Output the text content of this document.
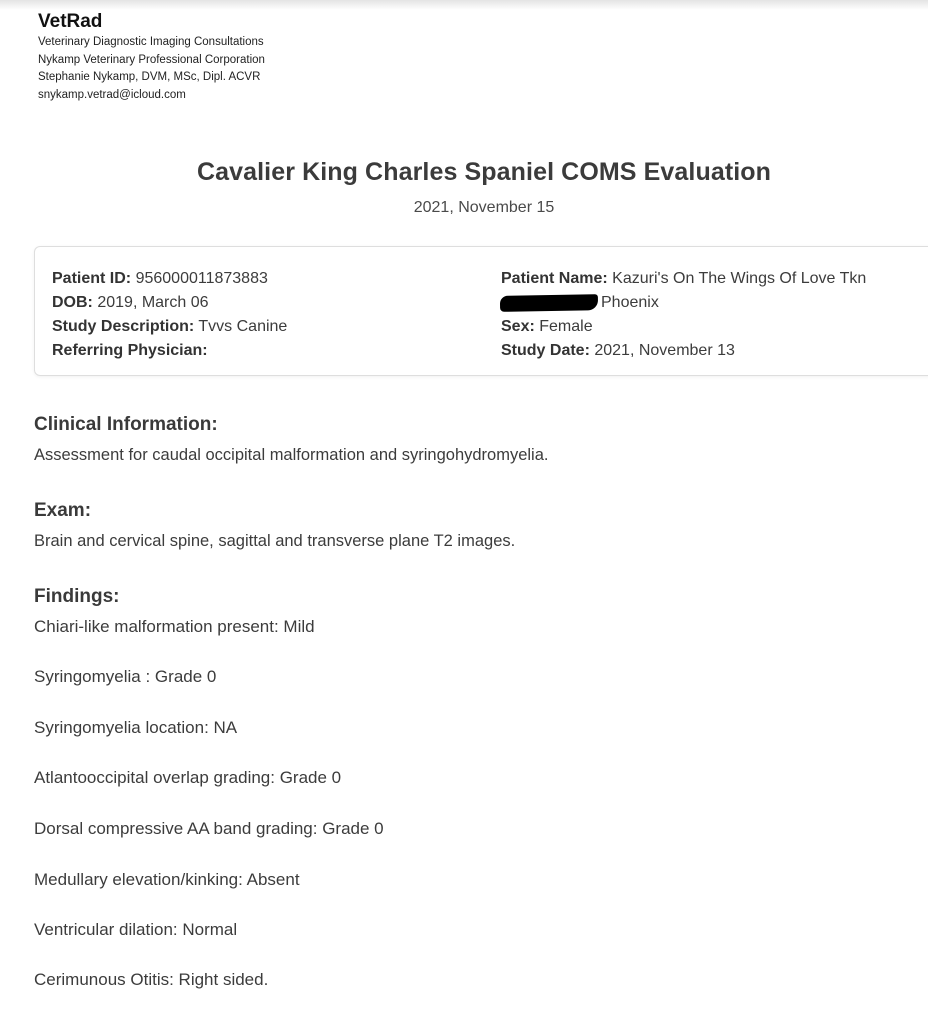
VetRad
Veterinary Diagnostic Imaging Consultations
Nykamp Veterinary Professional Corporation
Stephanie Nykamp, DVM, MSc, Dipl. ACVR
snykamp.vetrad@icloud.com
Cavalier King Charles Spaniel COMS Evaluation
2021, November 15
Patient ID: 956000011873883
DOB: 2019, March 06
Study Description: Tvvs Canine
Referring Physician:
Patient Name: Kazuri's On The Wings Of Love Tkn
Phoenix
Sex: Female
Study Date: 2021, November 13
Clinical Information:
Assessment for caudal occipital malformation and syringohydromyelia.
Exam:
Brain and cervical spine, sagittal and transverse plane T2 images.
Findings:
Chiari-like malformation present: Mild
Syringomyelia : Grade 0
Syringomyelia location: NA
Atlantooccipital overlap grading: Grade 0
Dorsal compressive AA band grading: Grade 0
Medullary elevation/kinking: Absent
Ventricular dilation: Normal
Cerimunous Otitis: Right sided.
